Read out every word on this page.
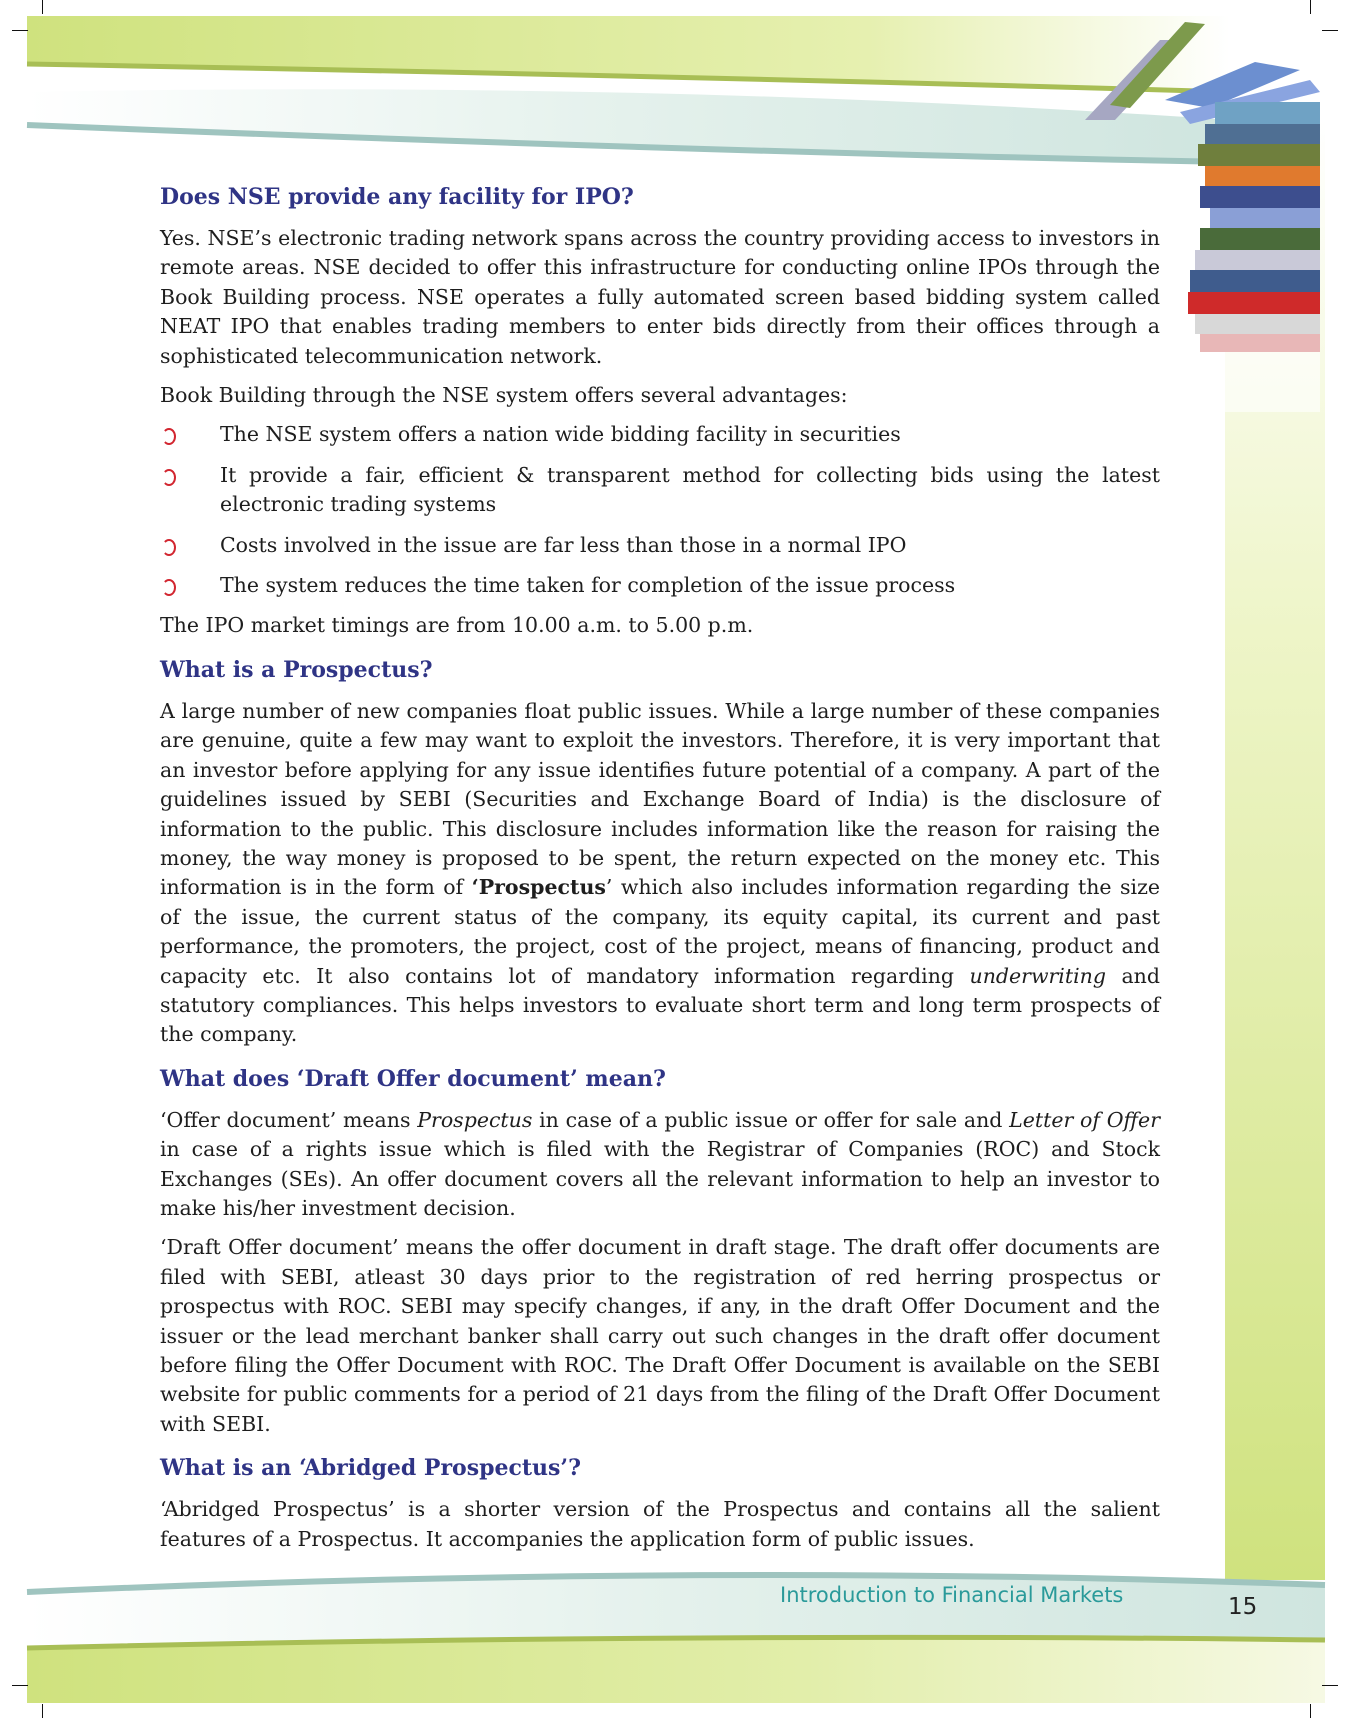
Does NSE provide any facility for IPO?

Yes. NSE’s electronic trading network spans across the country providing access to investors in remote areas. NSE decided to offer this infrastructure for conducting online IPOs through the Book Building process. NSE operates a fully automated screen based bidding system called NEAT IPO that enables trading members to enter bids directly from their offices through a sophisticated telecommunication network.

Book Building through the NSE system offers several advantages:

The NSE system offers a nation wide bidding facility in securities
It provide a fair, efficient & transparent method for collecting bids using the latest electronic trading systems
Costs involved in the issue are far less than those in a normal IPO
The system reduces the time taken for completion of the issue process

The IPO market timings are from 10.00 a.m. to 5.00 p.m.

What is a Prospectus?

A large number of new companies float public issues. While a large number of these companies are genuine, quite a few may want to exploit the investors. Therefore, it is very important that an investor before applying for any issue identifies future potential of a company. A part of the guidelines issued by SEBI (Securities and Exchange Board of India) is the disclosure of information to the public. This disclosure includes information like the reason for raising the money, the way money is proposed to be spent, the return expected on the money etc. This information is in the form of ‘Prospectus’ which also includes information regarding the size of the issue, the current status of the company, its equity capital, its current and past performance, the promoters, the project, cost of the project, means of financing, product and capacity etc. It also contains lot of mandatory information regarding underwriting and statutory compliances. This helps investors to evaluate short term and long term prospects of the company.

What does ‘Draft Offer document’ mean?

‘Offer document’ means Prospectus in case of a public issue or offer for sale and Letter of Offer in case of a rights issue which is filed with the Registrar of Companies (ROC) and Stock Exchanges (SEs). An offer document covers all the relevant information to help an investor to make his/her investment decision.

‘Draft Offer document’ means the offer document in draft stage. The draft offer documents are filed with SEBI, atleast 30 days prior to the registration of red herring prospectus or prospectus with ROC. SEBI may specify changes, if any, in the draft Offer Document and the issuer or the lead merchant banker shall carry out such changes in the draft offer document before filing the Offer Document with ROC. The Draft Offer Document is available on the SEBI website for public comments for a period of 21 days from the filing of the Draft Offer Document with SEBI.

What is an ‘Abridged Prospectus’?

‘Abridged Prospectus’ is a shorter version of the Prospectus and contains all the salient features of a Prospectus. It accompanies the application form of public issues.

Introduction to Financial Markets	15
